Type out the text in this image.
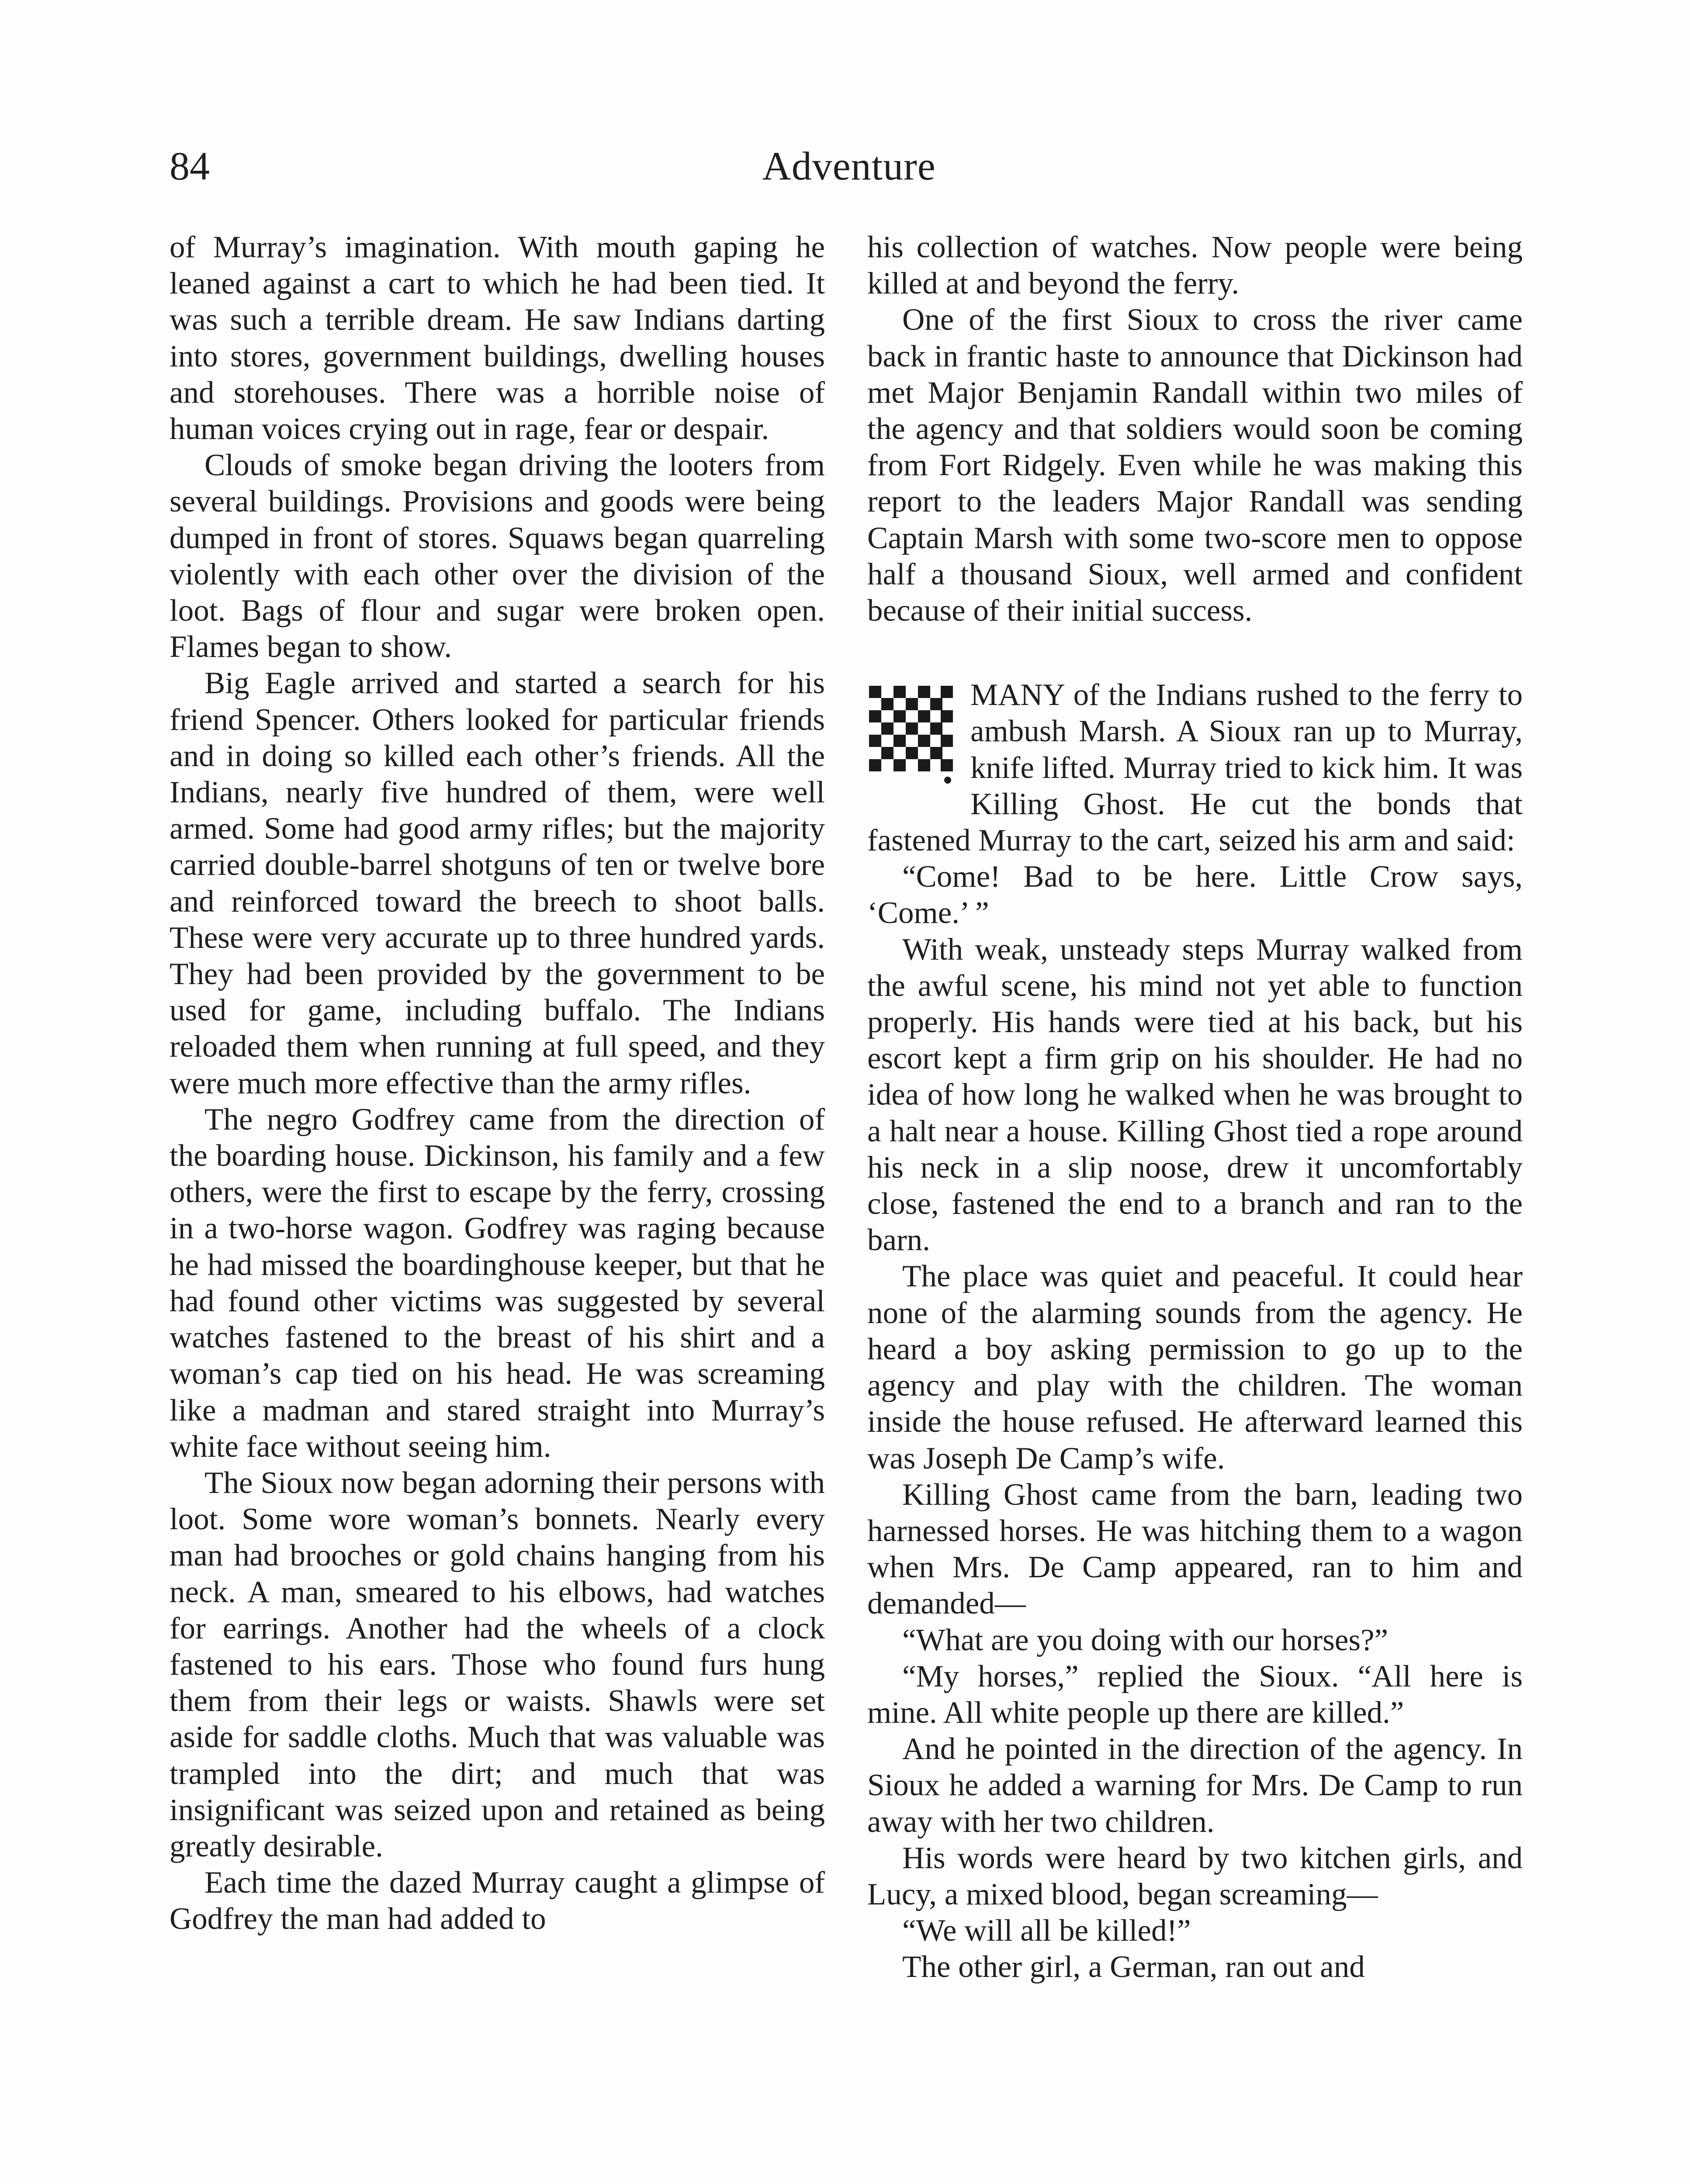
84	Adventure

of Murray’s imagination. With mouth gaping he leaned against a cart to which he had been tied. It was such a terrible dream. He saw Indians darting into stores, government buildings, dwelling houses and storehouses. There was a horrible noise of human voices crying out in rage, fear or despair.

Clouds of smoke began driving the looters from several buildings. Provisions and goods were being dumped in front of stores. Squaws began quarreling violently with each other over the division of the loot. Bags of flour and sugar were broken open. Flames began to show.

Big Eagle arrived and started a search for his friend Spencer. Others looked for particular friends and in doing so killed each other’s friends. All the Indians, nearly five hundred of them, were well armed. Some had good army rifles; but the majority carried double-barrel shotguns of ten or twelve bore and reinforced toward the breech to shoot balls. These were very accurate up to three hundred yards. They had been provided by the government to be used for game, including buffalo. The Indians reloaded them when running at full speed, and they were much more effective than the army rifles.

The negro Godfrey came from the direction of the boarding house. Dickinson, his family and a few others, were the first to escape by the ferry, crossing in a two-horse wagon. Godfrey was raging because he had missed the boardinghouse keeper, but that he had found other victims was suggested by several watches fastened to the breast of his shirt and a woman’s cap tied on his head. He was screaming like a madman and stared straight into Murray’s white face without seeing him.

The Sioux now began adorning their persons with loot. Some wore woman’s bonnets. Nearly every man had brooches or gold chains hanging from his neck. A man, smeared to his elbows, had watches for earrings. Another had the wheels of a clock fastened to his ears. Those who found furs hung them from their legs or waists. Shawls were set aside for saddle cloths. Much that was valuable was trampled into the dirt; and much that was insignificant was seized upon and retained as being greatly desirable.

Each time the dazed Murray caught a glimpse of Godfrey the man had added to

his collection of watches. Now people were being killed at and beyond the ferry.

One of the first Sioux to cross the river came back in frantic haste to announce that Dickinson had met Major Benjamin Randall within two miles of the agency and that soldiers would soon be coming from Fort Ridgely. Even while he was making this report to the leaders Major Randall was sending Captain Marsh with some two-score men to oppose half a thousand Sioux, well armed and confident because of their initial success.

MANY of the Indians rushed to the ferry to ambush Marsh. A Sioux ran up to Murray, knife lifted. Murray tried to kick him. It was Killing Ghost. He cut the bonds that fastened Murray to the cart, seized his arm and said:

“Come! Bad to be here. Little Crow says, ‘Come.’ ”

With weak, unsteady steps Murray walked from the awful scene, his mind not yet able to function properly. His hands were tied at his back, but his escort kept a firm grip on his shoulder. He had no idea of how long he walked when he was brought to a halt near a house. Killing Ghost tied a rope around his neck in a slip noose, drew it uncomfortably close, fastened the end to a branch and ran to the barn.

The place was quiet and peaceful. It could hear none of the alarming sounds from the agency. He heard a boy asking permission to go up to the agency and play with the children. The woman inside the house refused. He afterward learned this was Joseph De Camp’s wife.

Killing Ghost came from the barn, leading two harnessed horses. He was hitching them to a wagon when Mrs. De Camp appeared, ran to him and demanded—

“What are you doing with our horses?”

“My horses,” replied the Sioux. “All here is mine. All white people up there are killed.”

And he pointed in the direction of the agency. In Sioux he added a warning for Mrs. De Camp to run away with her two children.

His words were heard by two kitchen girls, and Lucy, a mixed blood, began screaming—

“We will all be killed!”

The other girl, a German, ran out and
